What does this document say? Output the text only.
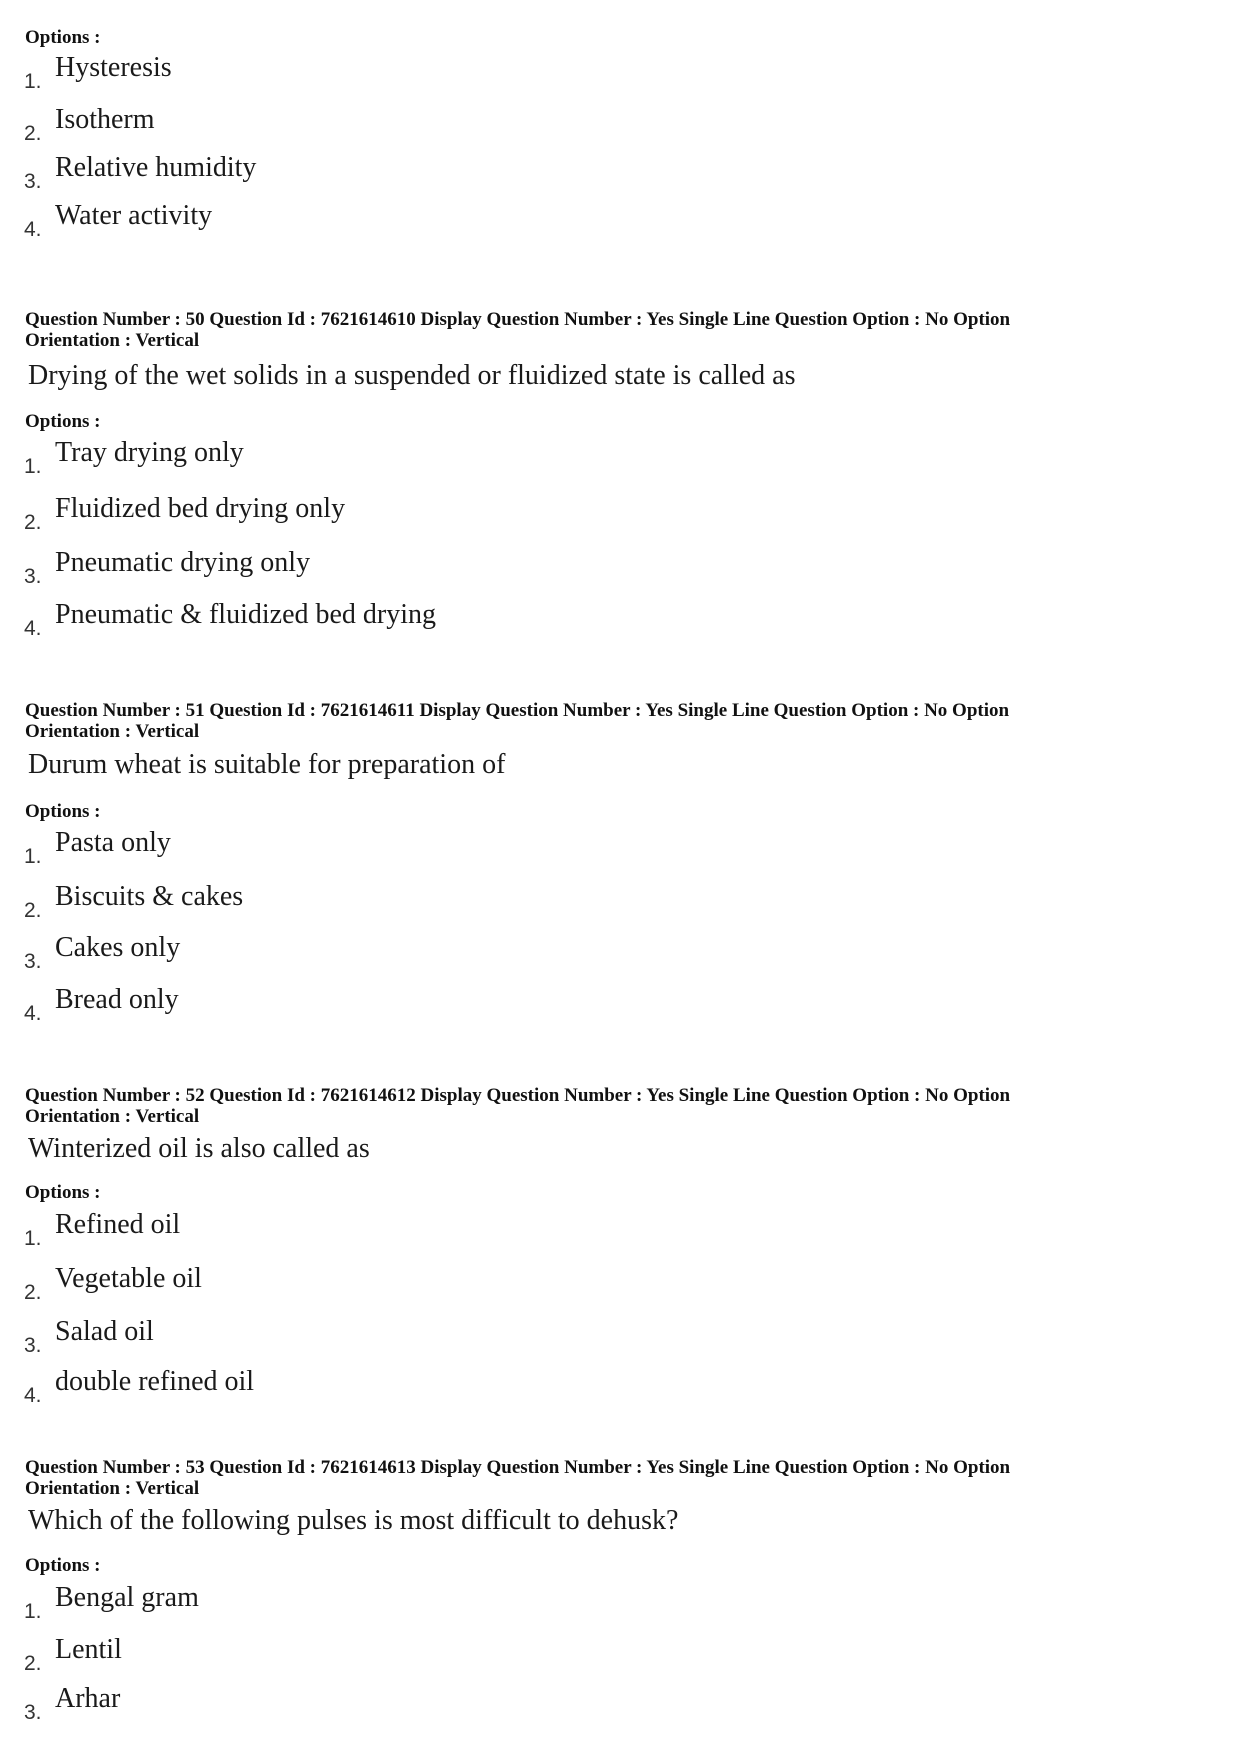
Options :
1. Hysteresis
2. Isotherm
3. Relative humidity
4. Water activity
Question Number : 50 Question Id : 7621614610 Display Question Number : Yes Single Line Question Option : No Option
Orientation : Vertical
Drying of the wet solids in a suspended or fluidized state is called as
Options :
1. Tray drying only
2. Fluidized bed drying only
3. Pneumatic drying only
4. Pneumatic & fluidized bed drying
Question Number : 51 Question Id : 7621614611 Display Question Number : Yes Single Line Question Option : No Option
Orientation : Vertical
Durum wheat is suitable for preparation of
Options :
1. Pasta only
2. Biscuits & cakes
3. Cakes only
4. Bread only
Question Number : 52 Question Id : 7621614612 Display Question Number : Yes Single Line Question Option : No Option
Orientation : Vertical
Winterized oil is also called as
Options :
1. Refined oil
2. Vegetable oil
3. Salad oil
4. double refined oil
Question Number : 53 Question Id : 7621614613 Display Question Number : Yes Single Line Question Option : No Option
Orientation : Vertical
Which of the following pulses is most difficult to dehusk?
Options :
1. Bengal gram
2. Lentil
3. Arhar
